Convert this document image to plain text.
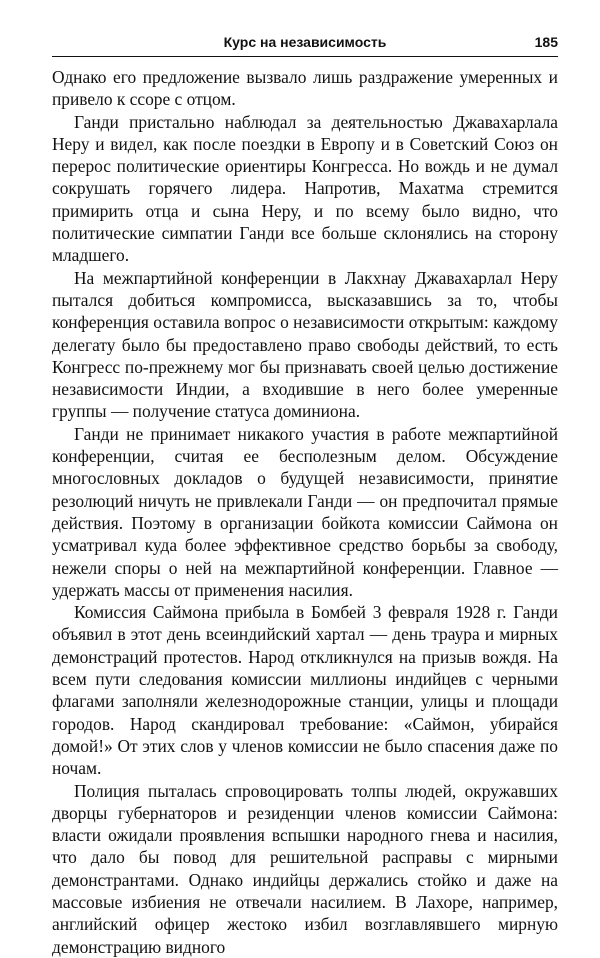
Курс на независимость	185

Однако его предложение вызвало лишь раздражение умеренных и привело к ссоре с отцом.

Ганди пристально наблюдал за деятельностью Джавахарлала Неру и видел, как после поездки в Европу и в Советский Союз он перерос политические ориентиры Конгресса. Но вождь и не думал сокрушать горячего лидера. Напротив, Махатма стремится примирить отца и сына Неру, и по всему было видно, что политические симпатии Ганди все больше склонялись на сторону младшего.

На межпартийной конференции в Лакхнау Джавахарлал Неру пытался добиться компромисса, высказавшись за то, чтобы конференция оставила вопрос о независимости открытым: каждому делегату было бы предоставлено право свободы действий, то есть Конгресс по-прежнему мог бы признавать своей целью достижение независимости Индии, а входившие в него более умеренные группы — получение статуса доминиона.

Ганди не принимает никакого участия в работе межпартийной конференции, считая ее бесполезным делом. Обсуждение многословных докладов о будущей независимости, принятие резолюций ничуть не привлекали Ганди — он предпочитал прямые действия. Поэтому в организации бойкота комиссии Саймона он усматривал куда более эффективное средство борьбы за свободу, нежели споры о ней на межпартийной конференции. Главное — удержать массы от применения насилия.

Комиссия Саймона прибыла в Бомбей 3 февраля 1928 г. Ганди объявил в этот день всеиндийский хартал — день траура и мирных демонстраций протестов. Народ откликнулся на призыв вождя. На всем пути следования комиссии миллионы индийцев с черными флагами заполняли железнодорожные станции, улицы и площади городов. Народ скандировал требование: «Саймон, убирайся домой!» От этих слов у членов комиссии не было спасения даже по ночам.

Полиция пыталась спровоцировать толпы людей, окружавших дворцы губернаторов и резиденции членов комиссии Саймона: власти ожидали проявления вспышки народного гнева и насилия, что дало бы повод для решительной расправы с мирными демонстрантами. Однако индийцы держались стойко и даже на массовые избиения не отвечали насилием. В Лахоре, например, английский офицер жестоко избил возглавлявшего мирную демонстрацию видного
